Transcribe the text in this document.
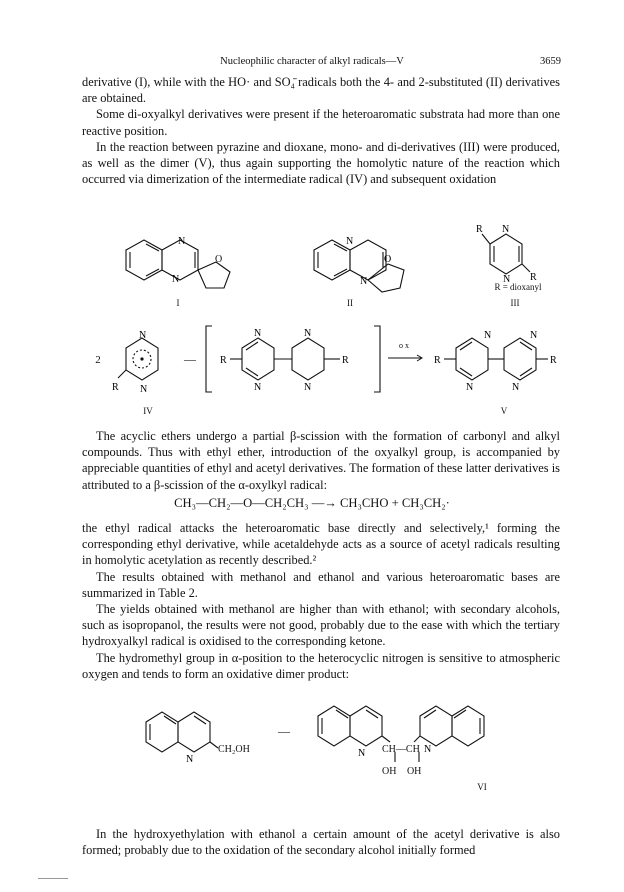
Nucleophilic character of alkyl radicals—V	3659

derivative (I), while with the HO· and SO₄̄ radicals both the 4- and 2-substituted (II) derivatives are obtained.

Some di-oxyalkyl derivatives were present if the heteroaromatic substrata had more than one reactive position.

In the reaction between pyrazine and dioxane, mono- and di-derivatives (III) were produced, as well as the dimer (V), thus again supporting the homolytic nature of the reaction which occurred via dimerization of the intermediate radical (IV) and subsequent oxidation

N
N
O
I
N
N
O
II
R N
N R
R = dioxanyl
III
2
N
R N
— R
N
N
N
N
R
o x
R
N
N
N
N
R
IV	V

The acyclic ethers undergo a partial β-scission with the formation of carbonyl and alkyl compounds. Thus with ethyl ether, introduction of the oxyalkyl group, is accompanied by appreciable quantities of ethyl and acetyl derivatives. The formation of these latter derivatives is attributed to a β-scission of the α-oxylkyl radical:

CH₃—CH₂—O—CH₂CH₃ —→ CH₃CHO + CH₃CH₂·

the ethyl radical attacks the heteroaromatic base directly and selectively,¹ forming the corresponding ethyl derivative, while acetaldehyde acts as a source of acetyl radicals resulting in homolytic acetylation as recently described.²

The results obtained with methanol and ethanol and various heteroaromatic bases are summarized in Table 2.

The yields obtained with methanol are higher than with ethanol; with secondary alcohols, such as isopropanol, the results were not good, probably due to the ease with which the tertiary hydroxyalkyl radical is oxidised to the corresponding ketone.

The hydromethyl group in α-position to the heterocyclic nitrogen is sensitive to atmospheric oxygen and tends to form an oxidative dimer product:

N
CH₂OH
—
N	N
CH—CH
OH OH
VI

In the hydroxyethylation with ethanol a certain amount of the acetyl derivative is also formed; probably due to the oxidation of the secondary alcohol initially formed
